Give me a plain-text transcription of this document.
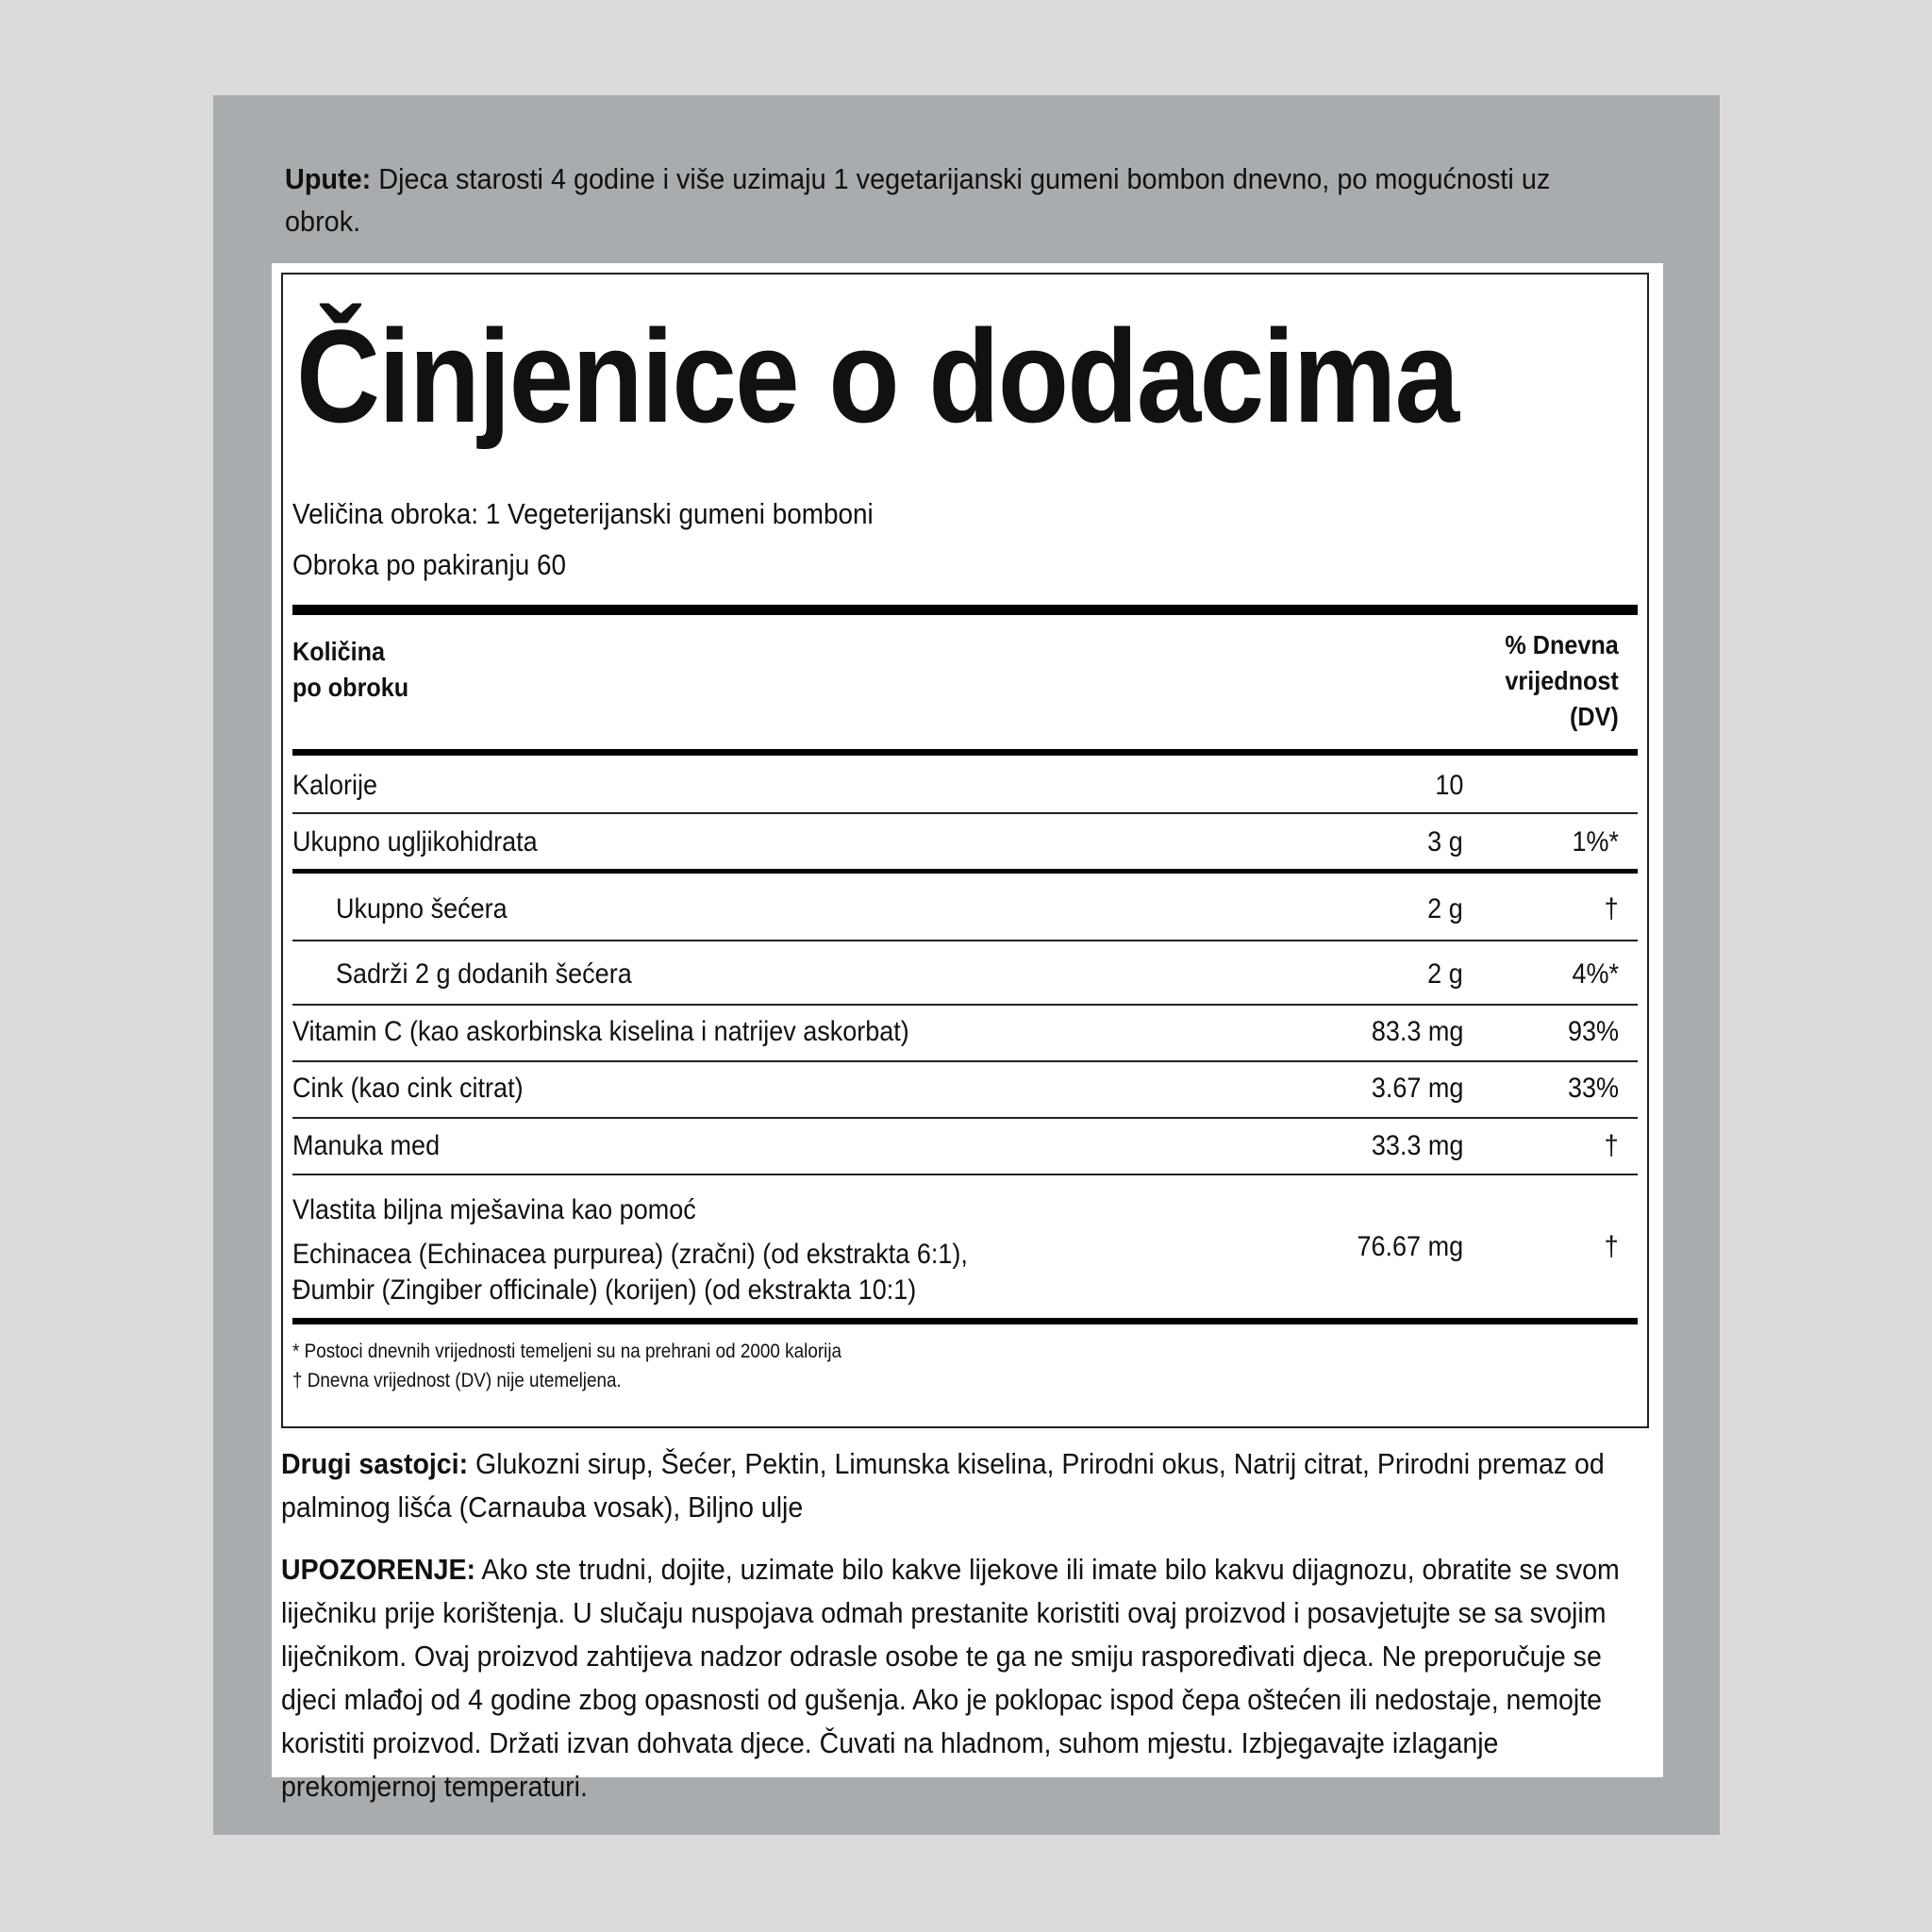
Upute: Djeca starosti 4 godine i više uzimaju 1 vegetarijanski gumeni bombon dnevno, po mogućnosti uz obrok.
Činjenice o dodacima
Veličina obroka: 1 Vegeterijanski gumeni bomboni
Obroka po pakiranju 60
Količina
po obroku
% Dnevna
vrijednost
(DV)
Kalorije	10
Ukupno ugljikohidrata	3 g	1%*
Ukupno šećera	2 g	†
Sadrži 2 g dodanih šećera	2 g	4%*
Vitamin C (kao askorbinska kiselina i natrijev askorbat)	83.3 mg	93%
Cink (kao cink citrat)	3.67 mg	33%
Manuka med	33.3 mg	†
Vlastita biljna mješavina kao pomoć
Echinacea (Echinacea purpurea) (zračni) (od ekstrakta 6:1), Đumbir (Zingiber officinale) (korijen) (od ekstrakta 10:1)
76.67 mg	†
* Postoci dnevnih vrijednosti temeljeni su na prehrani od 2000 kalorija
† Dnevna vrijednost (DV) nije utemeljena.
Drugi sastojci: Glukozni sirup, Šećer, Pektin, Limunska kiselina, Prirodni okus, Natrij citrat, Prirodni premaz od palminog lišća (Carnauba vosak), Biljno ulje
UPOZORENJE: Ako ste trudni, dojite, uzimate bilo kakve lijekove ili imate bilo kakvu dijagnozu, obratite se svom liječniku prije korištenja. U slučaju nuspojava odmah prestanite koristiti ovaj proizvod i posavjetujte se sa svojim liječnikom. Ovaj proizvod zahtijeva nadzor odrasle osobe te ga ne smiju raspoređivati djeca. Ne preporučuje se djeci mlađoj od 4 godine zbog opasnosti od gušenja. Ako je poklopac ispod čepa oštećen ili nedostaje, nemojte koristiti proizvod. Držati izvan dohvata djece. Čuvati na hladnom, suhom mjestu. Izbjegavajte izlaganje prekomjernoj temperaturi.
